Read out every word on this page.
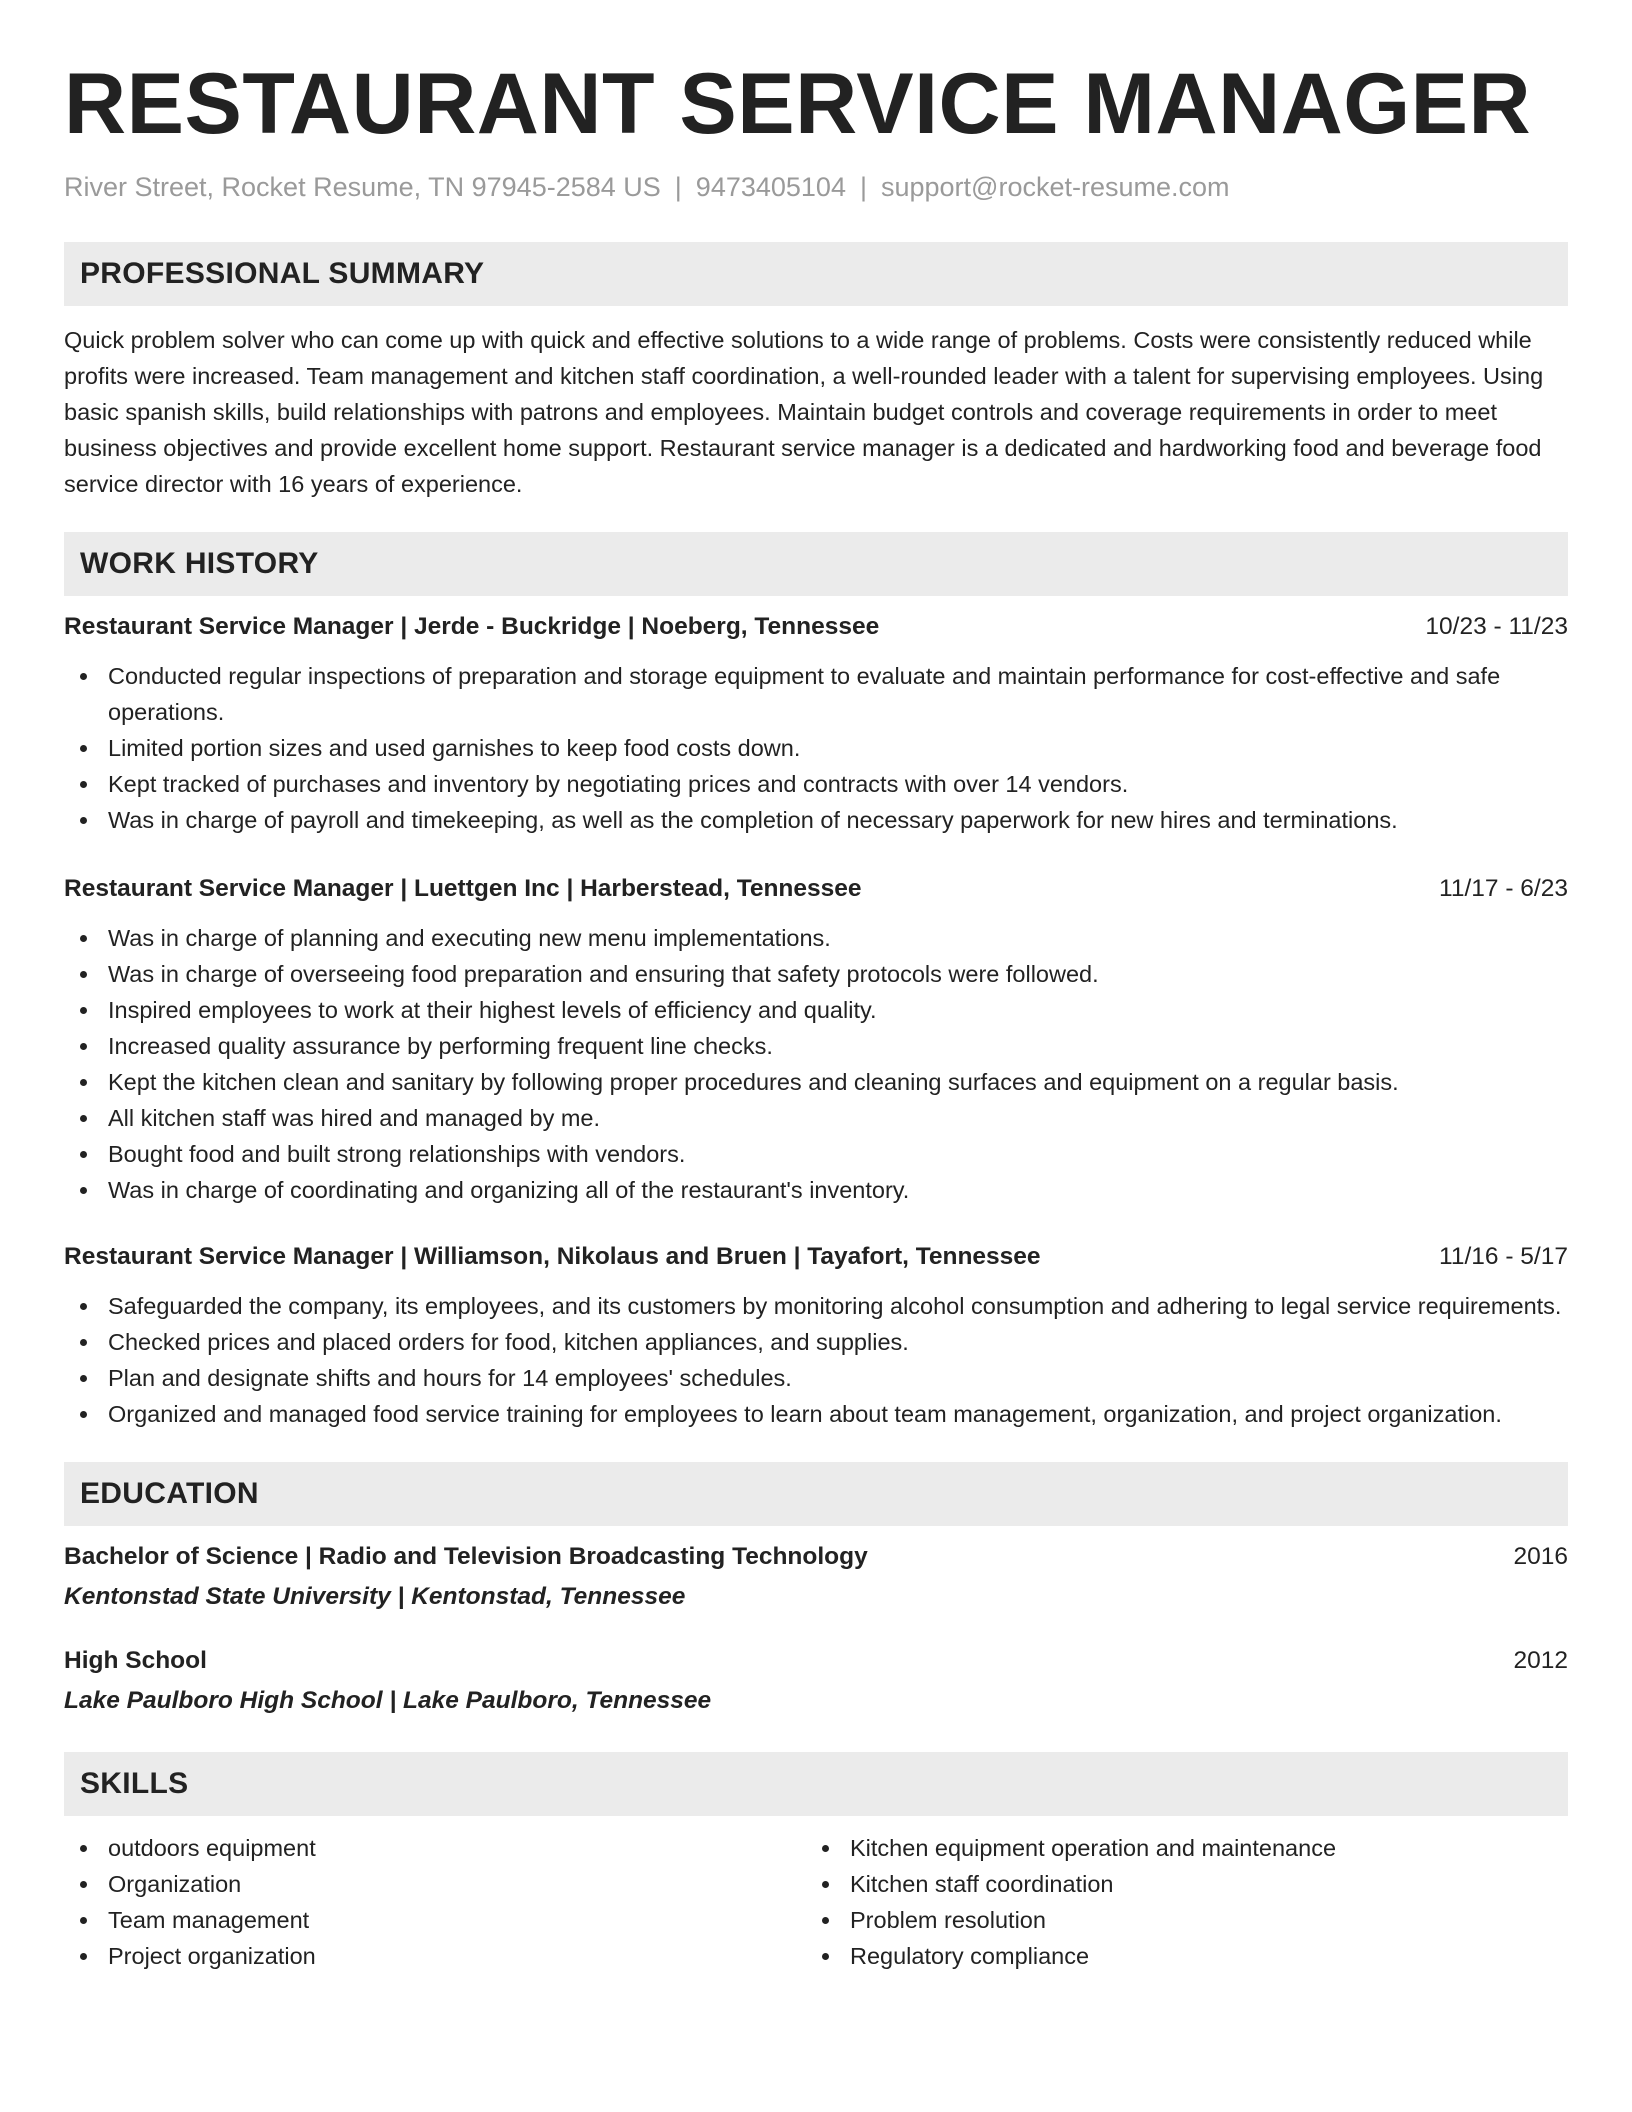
RESTAURANT SERVICE MANAGER
River Street, Rocket Resume, TN 97945-2584 US | 9473405104 | support@rocket-resume.com
PROFESSIONAL SUMMARY

Quick problem solver who can come up with quick and effective solutions to a wide range of problems. Costs were consistently reduced while profits were increased. Team management and kitchen staff coordination, a well-rounded leader with a talent for supervising employees. Using basic spanish skills, build relationships with patrons and employees. Maintain budget controls and coverage requirements in order to meet business objectives and provide excellent home support. Restaurant service manager is a dedicated and hardworking food and beverage food service director with 16 years of experience.

WORK HISTORY
Restaurant Service Manager | Jerde - Buckridge | Noeberg, Tennessee	10/23 - 11/23
Conducted regular inspections of preparation and storage equipment to evaluate and maintain performance for cost-effective and safe operations.
Limited portion sizes and used garnishes to keep food costs down.
Kept tracked of purchases and inventory by negotiating prices and contracts with over 14 vendors.
Was in charge of payroll and timekeeping, as well as the completion of necessary paperwork for new hires and terminations.
Restaurant Service Manager | Luettgen Inc | Harberstead, Tennessee	11/17 - 6/23
Was in charge of planning and executing new menu implementations.
Was in charge of overseeing food preparation and ensuring that safety protocols were followed.
Inspired employees to work at their highest levels of efficiency and quality.
Increased quality assurance by performing frequent line checks.
Kept the kitchen clean and sanitary by following proper procedures and cleaning surfaces and equipment on a regular basis.
All kitchen staff was hired and managed by me.
Bought food and built strong relationships with vendors.
Was in charge of coordinating and organizing all of the restaurant's inventory.
Restaurant Service Manager | Williamson, Nikolaus and Bruen | Tayafort, Tennessee	11/16 - 5/17
Safeguarded the company, its employees, and its customers by monitoring alcohol consumption and adhering to legal service requirements.
Checked prices and placed orders for food, kitchen appliances, and supplies.
Plan and designate shifts and hours for 14 employees' schedules.
Organized and managed food service training for employees to learn about team management, organization, and project organization.
EDUCATION
Bachelor of Science | Radio and Television Broadcasting Technology	2016
Kentonstad State University | Kentonstad, Tennessee
High School	2012
Lake Paulboro High School | Lake Paulboro, Tennessee
SKILLS
outdoors equipment
Organization
Team management
Project organization
Kitchen equipment operation and maintenance
Kitchen staff coordination
Problem resolution
Regulatory compliance
